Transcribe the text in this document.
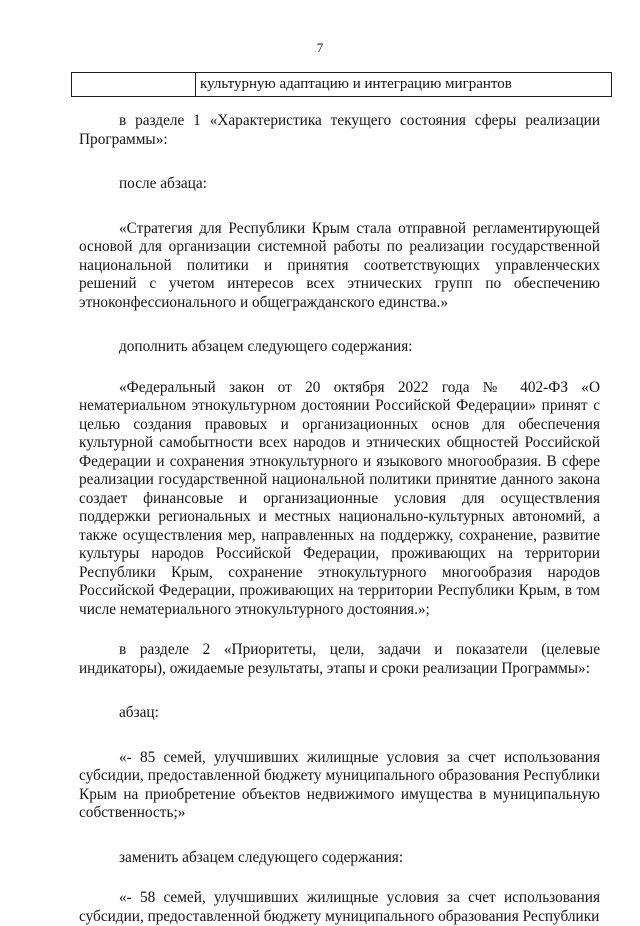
7
	культурную адаптацию и интеграцию мигрантов

в разделе 1 «Характеристика текущего состояния сферы реализации Программы»:

после абзаца:

«Стратегия для Республики Крым стала отправной регламентирующей основой для организации системной работы по реализации государственной национальной политики и принятия соответствующих управленческих решений с учетом интересов всех этнических групп по обеспечению этноконфессионального и общегражданского единства.»

дополнить абзацем следующего содержания:

«Федеральный закон от 20 октября 2022 года № 402-ФЗ «О нематериальном этнокультурном достоянии Российской Федерации» принят с целью создания правовых и организационных основ для обеспечения культурной самобытности всех народов и этнических общностей Российской Федерации и сохранения этнокультурного и языкового многообразия. В сфере реализации государственной национальной политики принятие данного закона создает финансовые и организационные условия для осуществления поддержки региональных и местных национально-культурных автономий, а также осуществления мер, направленных на поддержку, сохранение, развитие культуры народов Российской Федерации, проживающих на территории Республики Крым, сохранение этнокультурного многообразия народов Российской Федерации, проживающих на территории Республики Крым, в том числе нематериального этнокультурного достояния.»;

в разделе 2 «Приоритеты, цели, задачи и показатели (целевые индикаторы), ожидаемые результаты, этапы и сроки реализации Программы»:

абзац:

«- 85 семей, улучшивших жилищные условия за счет использования субсидии, предоставленной бюджету муниципального образования Республики Крым на приобретение объектов недвижимого имущества в муниципальную собственность;»

заменить абзацем следующего содержания:

«- 58 семей, улучшивших жилищные условия за счет использования субсидии, предоставленной бюджету муниципального образования Республики
